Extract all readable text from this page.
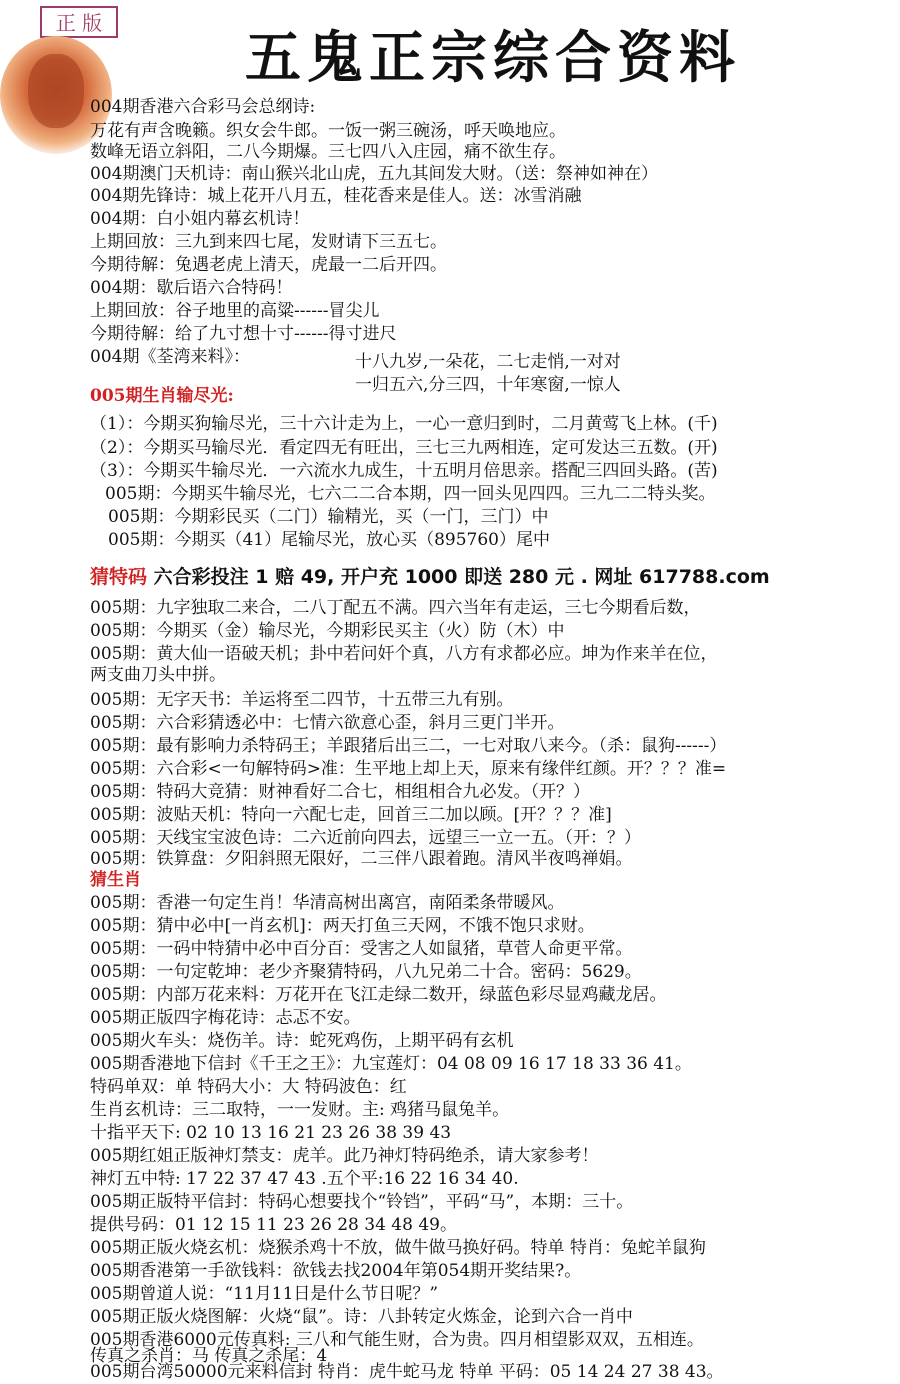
正 版
五鬼正宗综合资料
004期香港六合彩马会总纲诗:
万花有声含晚籁。织女会牛郎。一饭一粥三碗汤，呼天唤地应。
数峰无语立斜阳，二八今期爆。三七四八入庄园，痛不欲生存。
004期澳门天机诗：南山猴兴北山虎，五九其间发大财。（送：祭神如神在）
004期先锋诗：城上花开八月五，桂花香来是佳人。送：冰雪消融
004期：白小姐内幕玄机诗！
上期回放：三九到来四七尾，发财请下三五七。
今期待解：兔遇老虎上清天，虎最一二后开四。
004期：歇后语六合特码！
上期回放：谷子地里的高粱------冒尖儿
今期待解：给了九寸想十寸------得寸进尺
004期《荃湾来料》：	十八九岁,一朵花，二七走悄,一对对
一归五六,分三四，十年寒窗,一惊人
005期生肖输尽光:
（1）：今期买狗输尽光，三十六计走为上，一心一意归到时，二月黄莺飞上林。(千)
（2）：今期买马输尽光．看定四无有旺出，三七三九两相连，定可发达三五数。(开)
（3）：今期买牛输尽光．一六流水九成生，十五明月倍思亲。搭配三四回头路。(苦)
005期：今期买牛输尽光，七六二二合本期，四一回头见四四。三九二二特头奖。
005期：今期彩民买（二门）输精光，买（一门，三门）中
005期：今期买（41）尾输尽光，放心买（895760）尾中
猜特码 六合彩投注 1 赔 49, 开户充 1000 即送 280 元 . 网址 617788.com
005期：九字独取二来合，二八丁配五不满。四六当年有走运，三七今期看后数，
005期：今期买（金）输尽光，今期彩民买主（火）防（木）中
005期：黄大仙一语破天机；卦中若问奸个真，八方有求都必应。坤为作来羊在位，
两支曲刀头中拼。
005期：无字天书：羊运将至二四节，十五带三九有别。
005期：六合彩猜透必中：七情六欲意心歪，斜月三更门半开。
005期：最有影响力杀特码王；羊跟猪后出三二，一七对取八来今。（杀：鼠狗------）
005期：六合彩<一句解特码>准：生平地上却上天，原来有缘伴红颜。开？？？准=
005期：特码大竞猜：财神看好二合七，相组相合九必发。（开？）
005期：波贴天机：特向一六配七走，回首三二加以顾。[开？？？准]
005期：天线宝宝波色诗：二六近前向四去，远望三一立一五。（开：？）
005期：铁算盘：夕阳斜照无限好，二三伴八跟着跑。清风半夜鸣禅娟。
猜生肖
005期：香港一句定生肖！华清高树出离宫，南陌柔条带暖风。
005期：猜中必中[一肖玄机]：两天打鱼三天网，不饿不饱只求财。
005期：一码中特猜中必中百分百：受害之人如鼠猪，草菅人命更平常。
005期：一句定乾坤：老少齐聚猜特码，八九兄弟二十合。密码：5629。
005期：内部万花来料：万花开在飞江走绿二数开，绿蓝色彩尽显鸡藏龙居。
005期正版四字梅花诗：忐忑不安。
005期火车头：烧伤羊。诗：蛇死鸡伤，上期平码有玄机
005期香港地下信封《千王之王》：九宝莲灯：04 08 09 16 17 18 33 36 41。
特码单双：单 特码大小：大 特码波色：红
生肖玄机诗：三二取特，一一发财。主: 鸡猪马鼠兔羊。
十指平天下: 02 10 13 16 21 23 26 38 39 43
005期红姐正版神灯禁支：虎羊。此乃神灯特码绝杀，请大家参考！
神灯五中特: 17 22 37 47 43 .五个平:16 22 16 34 40.
005期正版特平信封：特码心想要找个“铃铛”，平码“马”，本期：三十。
提供号码：01 12 15 11 23 26 28 34 48 49。
005期正版火烧玄机：烧猴杀鸡十不放，做牛做马换好码。特单 特肖：兔蛇羊鼠狗
005期香港第一手欲钱料：欲钱去找2004年第054期开奖结果?。
005期曾道人说：“11月11日是什么节日呢？”
005期正版火烧图解：火烧“鼠”。诗：八卦转定火炼金，论到六合一肖中
005期香港6000元传真料: 三八和气能生财，合为贵。四月相望影双双，五相连。
传真之杀肖：马 传真之杀尾：4
005期台湾50000元来料信封 特肖：虎牛蛇马龙 特单 平码：05 14 24 27 38 43。
